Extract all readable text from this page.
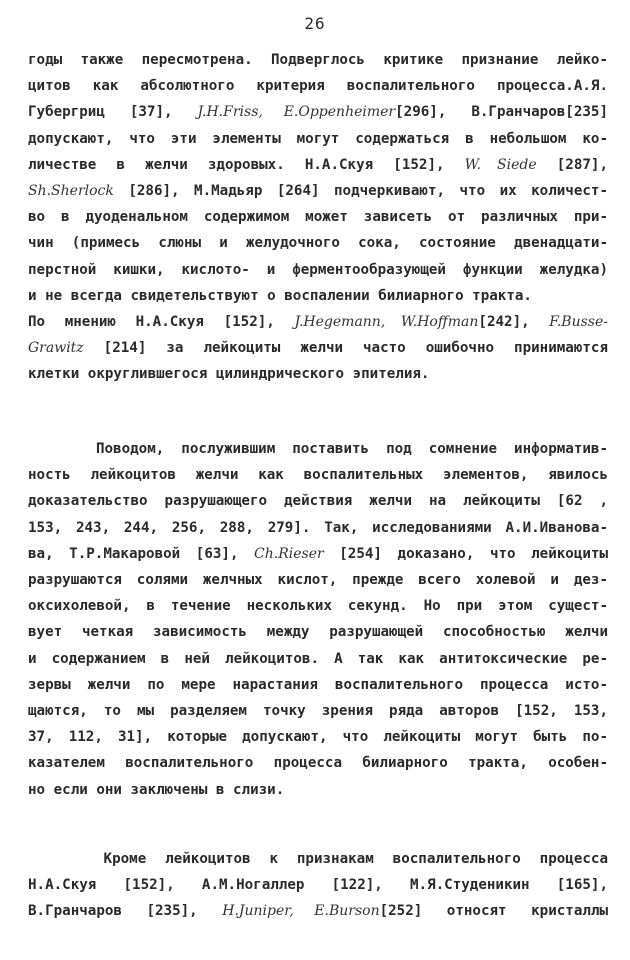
26
годы также пересмотрена. Подверглось критике признание лейко-
цитов как абсолютного критерия воспалительного процесса.А.Я.
Губергриц [37], J.H.Friss, E.Oppenheimer[296], В.Гранчаров[235]
допускают, что эти элементы могут содержаться в небольшом ко-
личестве в желчи здоровых. Н.А.Скуя [152], W. Siede [287],
Sh.Sherlock [286], М.Мадьяр [264] подчеркивают, что их количест-
во в дуоденальном содержимом может зависеть от различных при-
чин (примесь слюны и желудочного сока, состояние двенадцати-
перстной кишки, кислото- и ферментообразующей функции желудка)
и не всегда свидетельствуют о воспалении билиарного тракта.
По мнению Н.А.Скуя [152], J.Hegemann, W.Hoffman[242], F.Busse-
Grawitz [214] за лейкоциты желчи часто ошибочно принимаются
клетки округлившегося цилиндрического эпителия.
Поводом, послужившим поставить под сомнение информатив-
ность лейкоцитов желчи как воспалительных элементов, явилось
доказательство разрушающего действия желчи на лейкоциты [62 ,
153, 243, 244, 256, 288, 279]. Так, исследованиями А.И.Иванова-
ва, Т.Р.Макаровой [63], Ch.Rieser [254] доказано, что лейкоциты
разрушаются солями желчных кислот, прежде всего холевой и дез-
оксихолевой, в течение нескольких секунд. Но при этом сущест-
вует четкая зависимость между разрушающей способностью желчи
и содержанием в ней лейкоцитов. А так как антитоксические ре-
зервы желчи по мере нарастания воспалительного процесса исто-
щаются, то мы разделяем точку зрения ряда авторов [152, 153,
37, 112, 31], которые допускают, что лейкоциты могут быть по-
казателем воспалительного процесса билиарного тракта, особен-
но если они заключены в слизи.
Кроме лейкоцитов к признакам воспалительного процесса
Н.А.Скуя [152], А.М.Ногаллер [122], М.Я.Студеникин [165],
В.Гранчаров [235], H.Juniper, E.Burson[252] относят кристаллы
